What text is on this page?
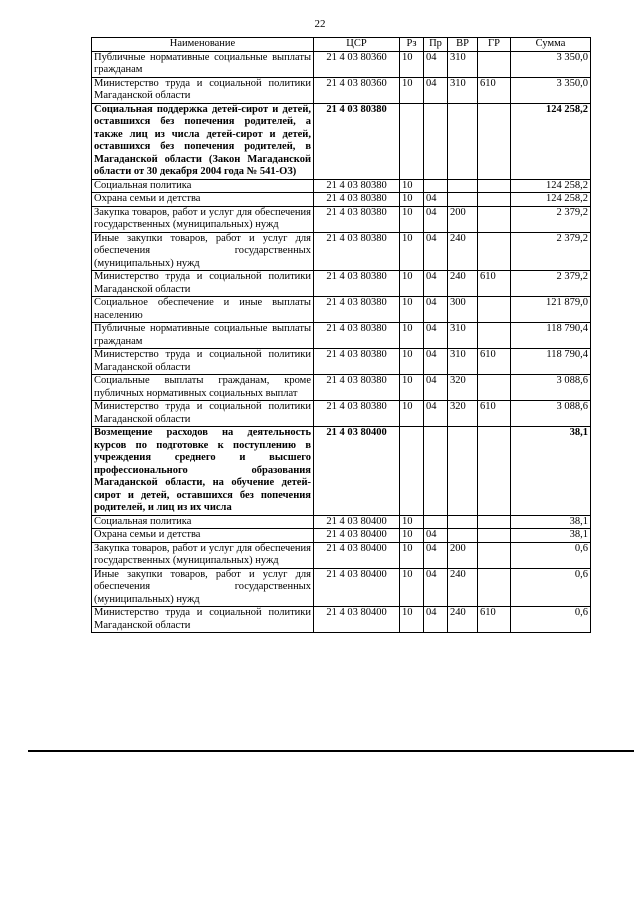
22
Наименование	ЦСР	Рз	Пр	ВР	ГР	Сумма
Публичные нормативные социальные выплаты гражданам	21 4 03 80360	10	04	310		3 350,0
Министерство труда и социальной политики Магаданской области	21 4 03 80360	10	04	310	610	3 350,0
Социальная поддержка детей-сирот и детей, оставшихся без попечения родителей, а также лиц из числа детей-сирот и детей, оставшихся без попечения родителей, в Магаданской области (Закон Магаданской области от 30 декабря 2004 года № 541-ОЗ)	21 4 03 80380					124 258,2
Социальная политика	21 4 03 80380	10				124 258,2
Охрана семьи и детства	21 4 03 80380	10	04			124 258,2
Закупка товаров, работ и услуг для обеспечения государственных (муниципальных) нужд	21 4 03 80380	10	04	200		2 379,2
Иные закупки товаров, работ и услуг для обеспечения государственных (муниципальных) нужд	21 4 03 80380	10	04	240		2 379,2
Министерство труда и социальной политики Магаданской области	21 4 03 80380	10	04	240	610	2 379,2
Социальное обеспечение и иные выплаты населению	21 4 03 80380	10	04	300		121 879,0
Публичные нормативные социальные выплаты гражданам	21 4 03 80380	10	04	310		118 790,4
Министерство труда и социальной политики Магаданской области	21 4 03 80380	10	04	310	610	118 790,4
Социальные выплаты гражданам, кроме публичных нормативных социальных выплат	21 4 03 80380	10	04	320		3 088,6
Министерство труда и социальной политики Магаданской области	21 4 03 80380	10	04	320	610	3 088,6
Возмещение расходов на деятельность курсов по подготовке к поступлению в учреждения среднего и высшего профессионального образования Магаданской области, на обучение детей-сирот и детей, оставшихся без попечения родителей, и лиц из их числа	21 4 03 80400					38,1
Социальная политика	21 4 03 80400	10				38,1
Охрана семьи и детства	21 4 03 80400	10	04			38,1
Закупка товаров, работ и услуг для обеспечения государственных (муниципальных) нужд	21 4 03 80400	10	04	200		0,6
Иные закупки товаров, работ и услуг для обеспечения государственных (муниципальных) нужд	21 4 03 80400	10	04	240		0,6
Министерство труда и социальной политики Магаданской области	21 4 03 80400	10	04	240	610	0,6
